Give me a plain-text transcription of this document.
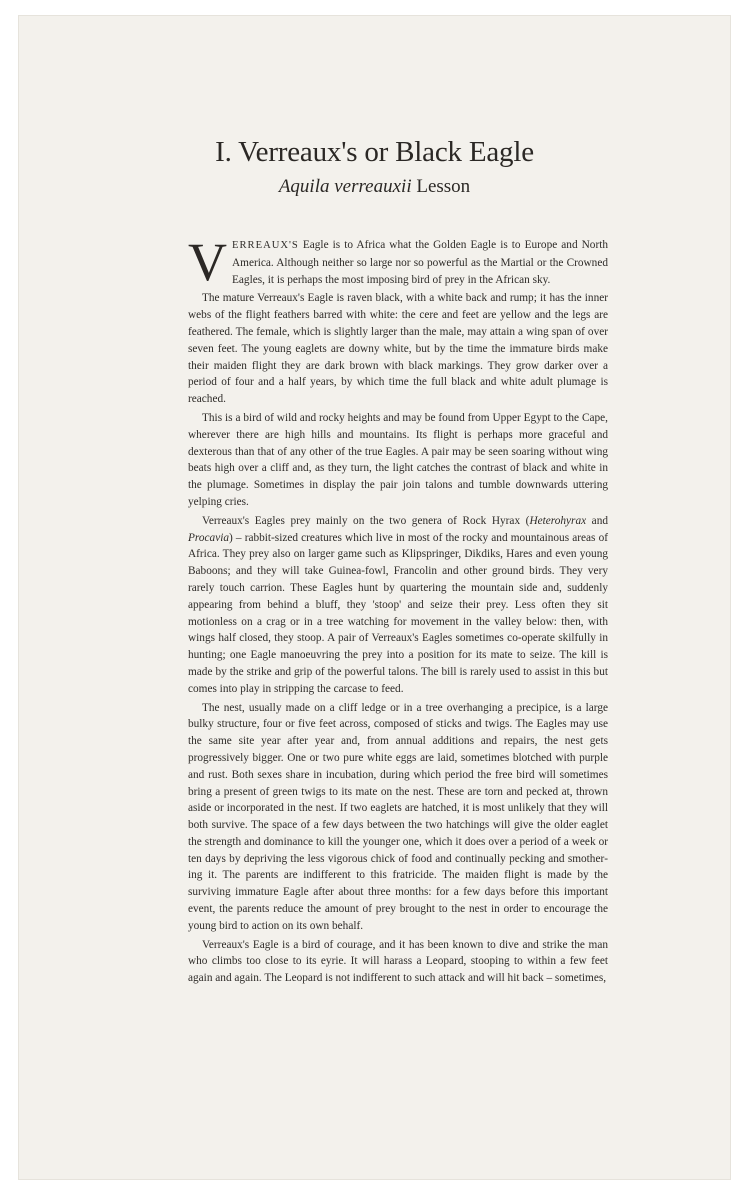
I. Verreaux's or Black Eagle

Aquila verreauxii Lesson

VERREAUX'S Eagle is to Africa what the Golden Eagle is to Europe and North America. Although neither so large nor so powerful as the Martial or the Crowned Eagles, it is perhaps the most imposing bird of prey in the African sky.

The mature Verreaux's Eagle is raven black, with a white back and rump; it has the inner webs of the flight feathers barred with white: the cere and feet are yellow and the legs are feathered. The female, which is slightly larger than the male, may attain a wing span of over seven feet. The young eaglets are downy white, but by the time the immature birds make their maiden flight they are dark brown with black markings. They grow darker over a period of four and a half years, by which time the full black and white adult plumage is reached.

This is a bird of wild and rocky heights and may be found from Upper Egypt to the Cape, wherever there are high hills and mountains. Its flight is perhaps more graceful and dexterous than that of any other of the true Eagles. A pair may be seen soaring without wing beats high over a cliff and, as they turn, the light catches the contrast of black and white in the plumage. Sometimes in display the pair join talons and tumble downwards uttering yelping cries.

Verreaux's Eagles prey mainly on the two genera of Rock Hyrax (Heterohyrax and Procavia) – rabbit-sized creatures which live in most of the rocky and mountainous areas of Africa. They prey also on larger game such as Klipspringer, Dikdiks, Hares and even young Baboons; and they will take Guinea-fowl, Francolin and other ground birds. They very rarely touch carrion. These Eagles hunt by quartering the mountain side and, suddenly appearing from behind a bluff, they 'stoop' and seize their prey. Less often they sit motionless on a crag or in a tree watching for movement in the valley below: then, with wings half closed, they stoop. A pair of Verreaux's Eagles sometimes co-operate skilfully in hunting; one Eagle manoeuvring the prey into a position for its mate to seize. The kill is made by the strike and grip of the powerful talons. The bill is rarely used to assist in this but comes into play in stripping the carcase to feed.

The nest, usually made on a cliff ledge or in a tree overhanging a precipice, is a large bulky structure, four or five feet across, composed of sticks and twigs. The Eagles may use the same site year after year and, from annual additions and repairs, the nest gets progressively bigger. One or two pure white eggs are laid, sometimes blotched with purple and rust. Both sexes share in incubation, during which period the free bird will sometimes bring a present of green twigs to its mate on the nest. These are torn and pecked at, thrown aside or incorporated in the nest. If two eaglets are hatched, it is most unlikely that they will both survive. The space of a few days between the two hatchings will give the older eaglet the strength and dominance to kill the younger one, which it does over a period of a week or ten days by depriving the less vigorous chick of food and continually pecking and smothering it. The parents are indifferent to this fratricide. The maiden flight is made by the surviving immature Eagle after about three months: for a few days before this important event, the parents reduce the amount of prey brought to the nest in order to encourage the young bird to action on its own behalf.

Verreaux's Eagle is a bird of courage, and it has been known to dive and strike the man who climbs too close to its eyrie. It will harass a Leopard, stooping to within a few feet again and again. The Leopard is not indifferent to such attack and will hit back – sometimes,
